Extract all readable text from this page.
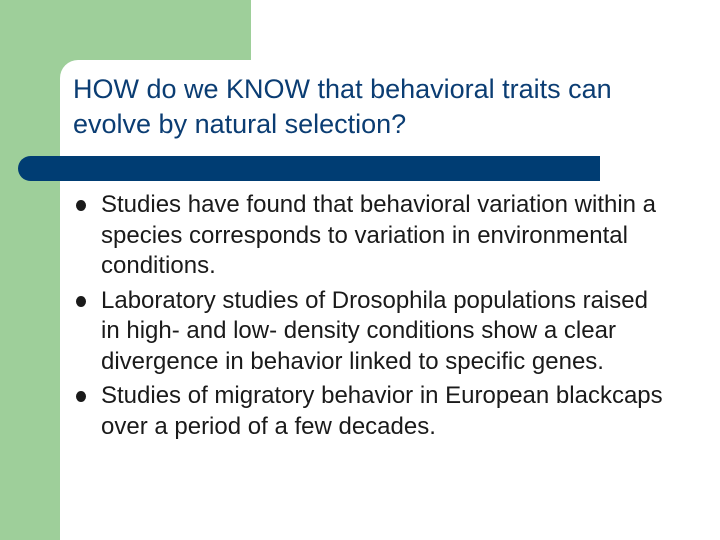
HOW do we KNOW that behavioral traits can evolve by natural selection?
Studies have found that behavioral variation within a species corresponds to variation in environmental conditions.
Laboratory studies of Drosophila populations raised in high- and low- density conditions show a clear divergence in behavior linked to specific genes.
Studies of migratory behavior in European blackcaps over a period of a few decades.
